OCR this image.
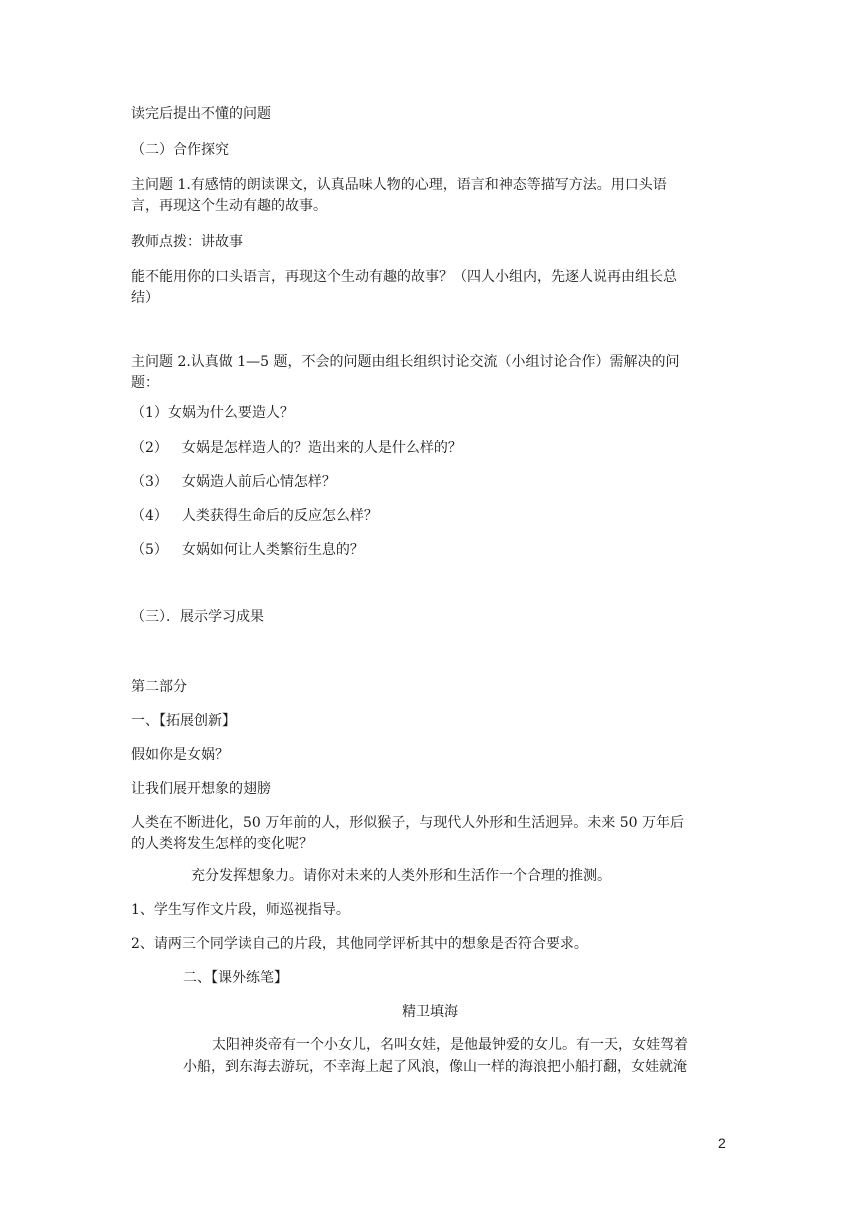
读完后提出不懂的问题
（二）合作探究
主问题 1.有感情的朗读课文，认真品味人物的心理，语言和神态等描写方法。用口头语
言，再现这个生动有趣的故事。
教师点拨：讲故事
能不能用你的口头语言，再现这个生动有趣的故事？（四人小组内，先逐人说再由组长总
结）
主问题 2.认真做 1—5 题，不会的问题由组长组织讨论交流（小组讨论合作）需解决的问
题：
（1）女娲为什么要造人？
（2） 女娲是怎样造人的？造出来的人是什么样的？
（3） 女娲造人前后心情怎样？
（4） 人类获得生命后的反应怎么样？
（5） 女娲如何让人类繁衍生息的？
（三）．展示学习成果
第二部分
一、【拓展创新】
假如你是女娲？
让我们展开想象的翅膀
人类在不断进化，50 万年前的人，形似猴子，与现代人外形和生活迥异。未来 50 万年后
的人类将发生怎样的变化呢？
充分发挥想象力。请你对未来的人类外形和生活作一个合理的推测。
1、学生写作文片段，师巡视指导。
2、请两三个同学读自己的片段，其他同学评析其中的想象是否符合要求。
二、【课外练笔】
精卫填海
太阳神炎帝有一个小女儿，名叫女娃，是他最钟爱的女儿。有一天，女娃驾着
小船，到东海去游玩，不幸海上起了风浪，像山一样的海浪把小船打翻，女娃就淹
2
